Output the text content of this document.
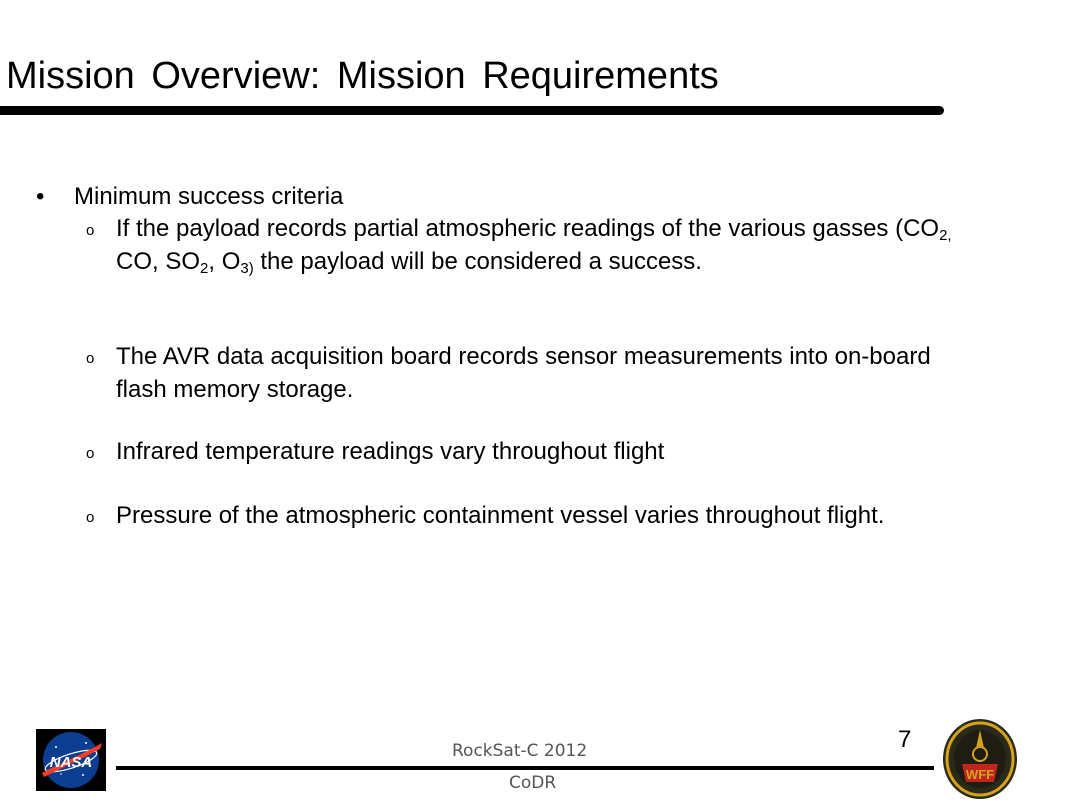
Mission Overview: Mission Requirements
• Minimum success criteria
o If the payload records partial atmospheric readings of the various gasses ($CO_{2,}$ CO, $SO_2$, $O_{3)}$ the payload will be considered a success.
o The AVR data acquisition board records sensor measurements into on-board flash memory storage.
o Infrared temperature readings vary throughout flight
o Pressure of the atmospheric containment vessel varies throughout flight.
NASA
RockSat-C 2012
CoDR
7
WFF
